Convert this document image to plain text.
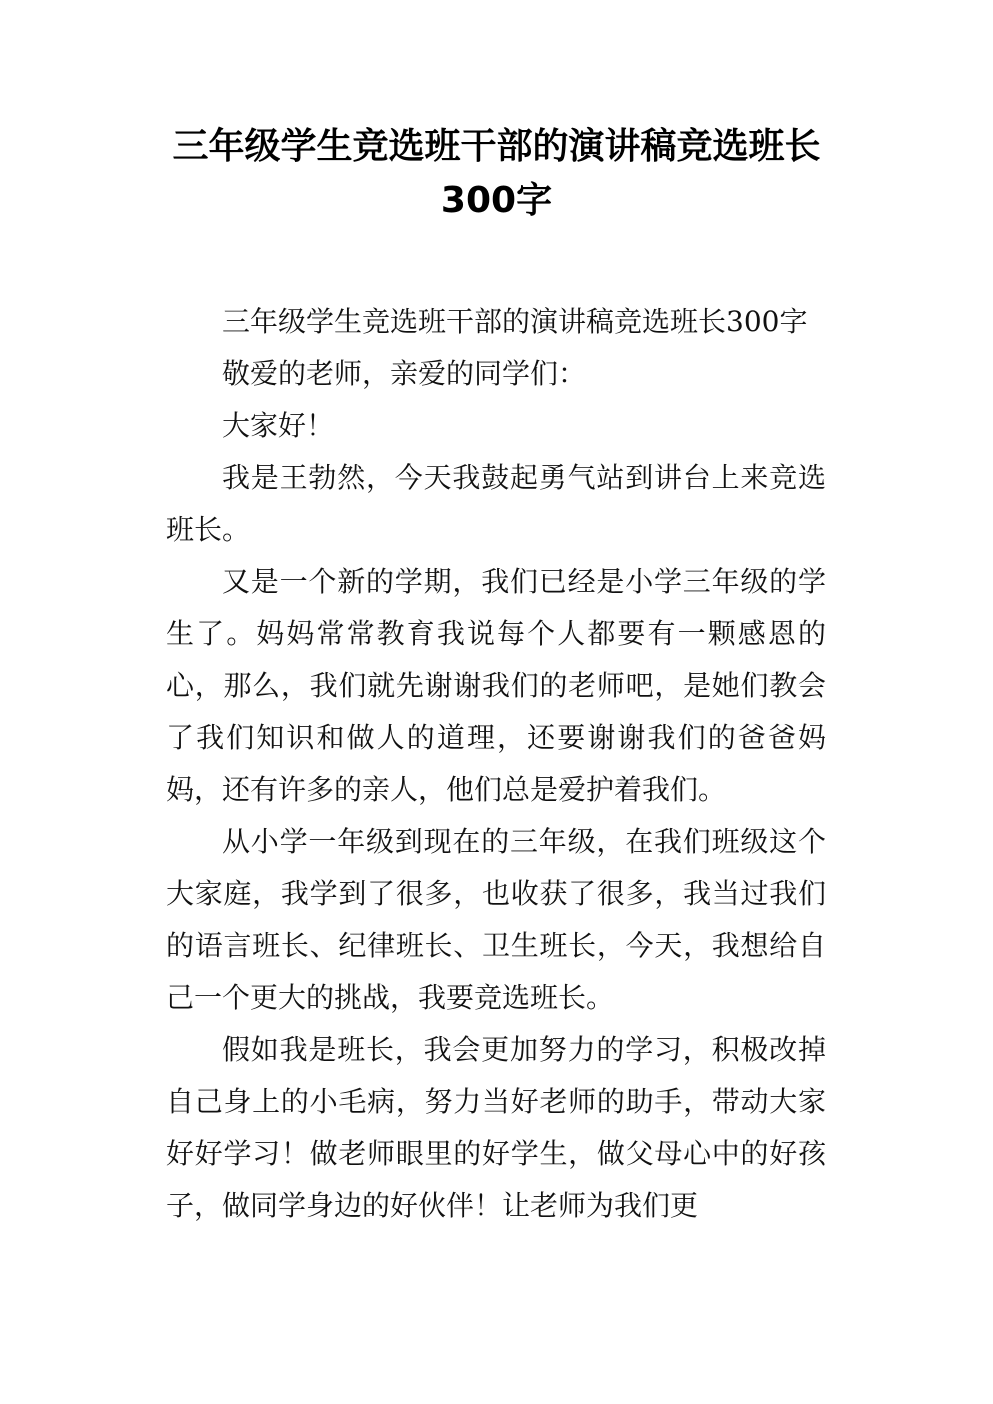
三年级学生竞选班干部的演讲稿竞选班长300字

三年级学生竞选班干部的演讲稿竞选班长300字

敬爱的老师，亲爱的同学们：

大家好！

我是王勃然，今天我鼓起勇气站到讲台上来竞选班长。

又是一个新的学期，我们已经是小学三年级的学生了。妈妈常常教育我说每个人都要有一颗感恩的心，那么，我们就先谢谢我们的老师吧，是她们教会了我们知识和做人的道理，还要谢谢我们的爸爸妈妈，还有许多的亲人，他们总是爱护着我们。

从小学一年级到现在的三年级，在我们班级这个大家庭，我学到了很多，也收获了很多，我当过我们的语言班长、纪律班长、卫生班长，今天，我想给自己一个更大的挑战，我要竞选班长。

假如我是班长，我会更加努力的学习，积极改掉自己身上的小毛病，努力当好老师的助手，带动大家好好学习！做老师眼里的好学生，做父母心中的好孩子，做同学身边的好伙伴！让老师为我们更
